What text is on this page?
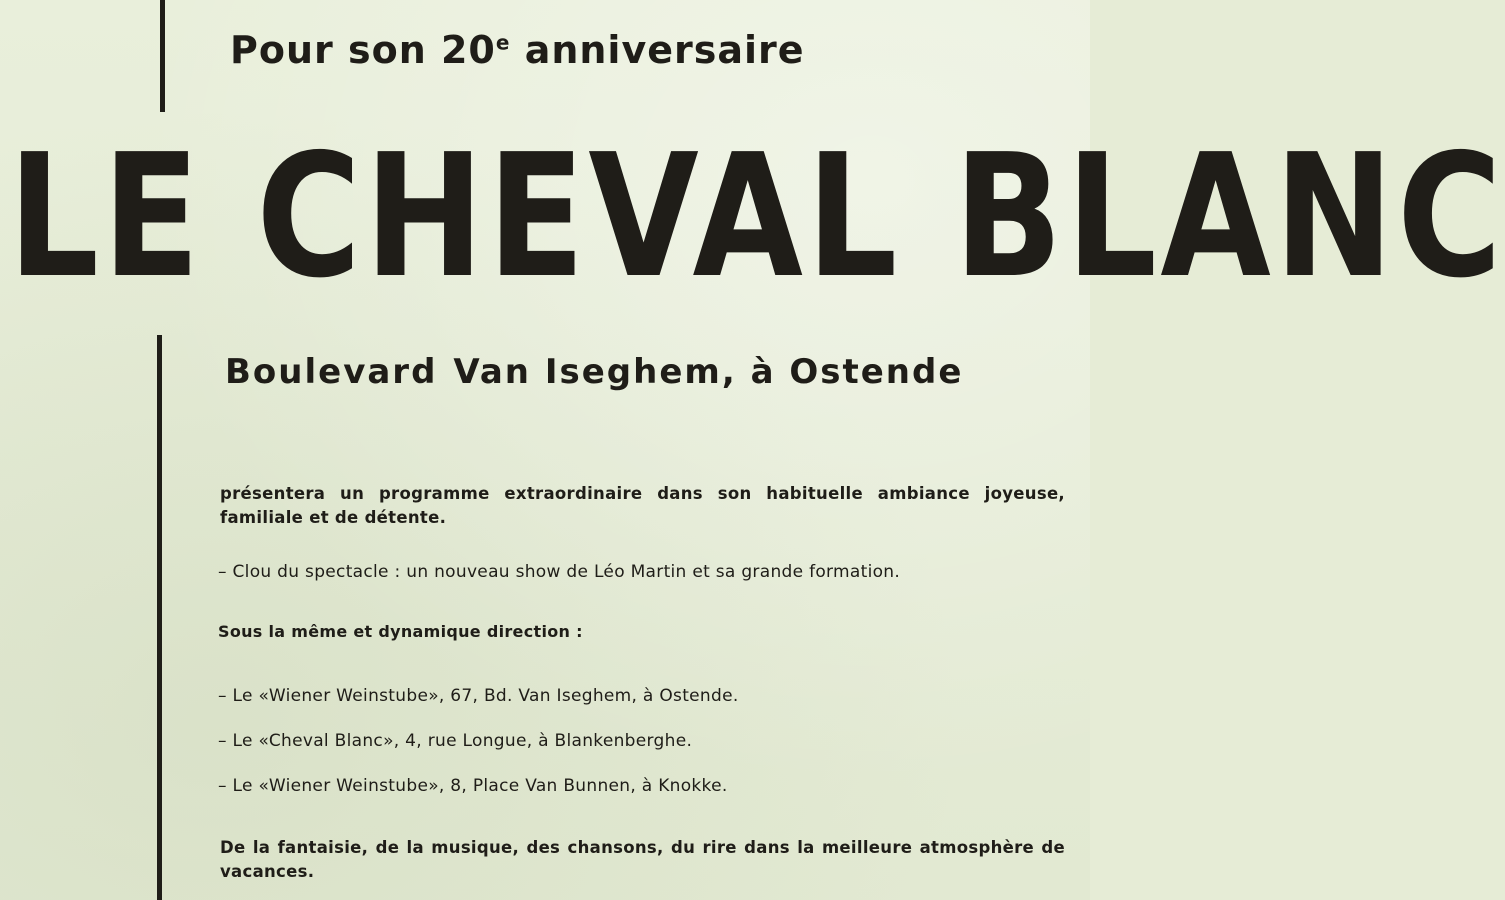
Pour son 20e anniversaire
LE CHEVAL BLANC
Boulevard Van Iseghem, à Ostende
présentera un programme extraordinaire dans son habituelle ambiance joyeuse, familiale et de détente.
– Clou du spectacle : un nouveau show de Léo Martin et sa grande formation.
Sous la même et dynamique direction :
– Le «Wiener Weinstube», 67, Bd. Van Iseghem, à Ostende.
– Le «Cheval Blanc», 4, rue Longue, à Blankenberghe.
– Le «Wiener Weinstube», 8, Place Van Bunnen, à Knokke.
De la fantaisie, de la musique, des chansons, du rire dans la meilleure atmosphère de vacances.
